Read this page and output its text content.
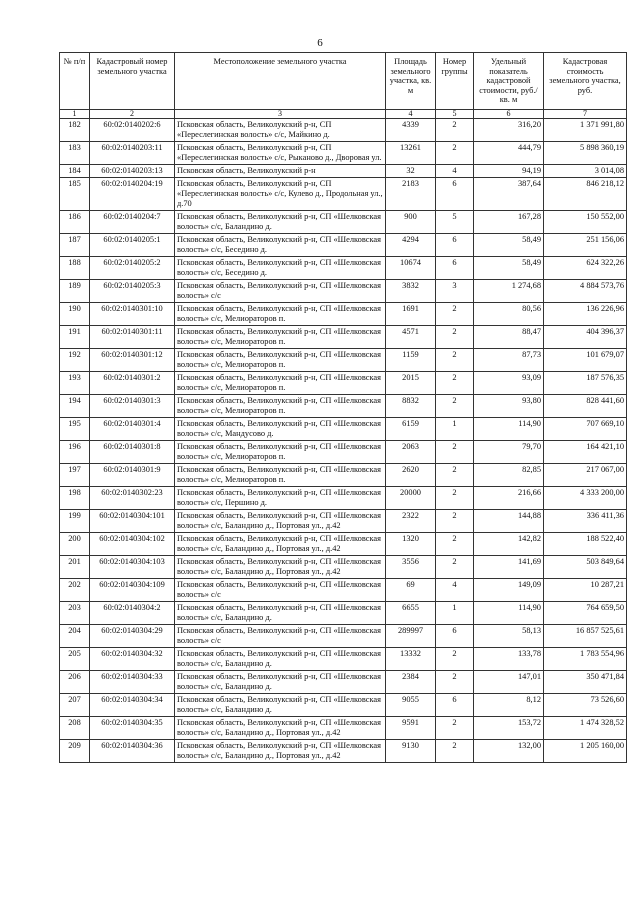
6
№ п/п	Кадастровый номер земельного участка	Местоположение земельного участка	Площадь земельного участка, кв. м	Номер группы	Удельный показатель кадастровой стоимости, руб./кв. м	Кадастровая стоимость земельного участка, руб.
1	2	3	4	5	6	7
182	60:02:0140202:6	Псковская область, Великолукский р-н, СП «Переслегинская волость» с/с, Майкино д.	4339	2	316,20	1 371 991,80
183	60:02:0140203:11	Псковская область, Великолукский р-н, СП «Переслегинская волость» с/с, Рыканово д., Дворовая ул.	13261	2	444,79	5 898 360,19
184	60:02:0140203:13	Псковская область, Великолукский р-н	32	4	94,19	3 014,08
185	60:02:0140204:19	Псковская область, Великолукский р-н, СП «Переслегинская волость» с/с, Кулево д., Продольная ул., д.70	2183	6	387,64	846 218,12
186	60:02:0140204:7	Псковская область, Великолукский р-н, СП «Шелковская волость» с/с, Баландино д.	900	5	167,28	150 552,00
187	60:02:0140205:1	Псковская область, Великолукский р-н, СП «Шелковская волость» с/с, Беседино д.	4294	6	58,49	251 156,06
188	60:02:0140205:2	Псковская область, Великолукский р-н, СП «Шелковская волость» с/с, Беседино д.	10674	6	58,49	624 322,26
189	60:02:0140205:3	Псковская область, Великолукский р-н, СП «Шелковская волость» с/с	3832	3	1 274,68	4 884 573,76
190	60:02:0140301:10	Псковская область, Великолукский р-н, СП «Шелковская волость» с/с, Мелиораторов п.	1691	2	80,56	136 226,96
191	60:02:0140301:11	Псковская область, Великолукский р-н, СП «Шелковская волость» с/с, Мелиораторов п.	4571	2	88,47	404 396,37
192	60:02:0140301:12	Псковская область, Великолукский р-н, СП «Шелковская волость» с/с, Мелиораторов п.	1159	2	87,73	101 679,07
193	60:02:0140301:2	Псковская область, Великолукский р-н, СП «Шелковская волость» с/с, Мелиораторов п.	2015	2	93,09	187 576,35
194	60:02:0140301:3	Псковская область, Великолукский р-н, СП «Шелковская волость» с/с, Мелиораторов п.	8832	2	93,80	828 441,60
195	60:02:0140301:4	Псковская область, Великолукский р-н, СП «Шелковская волость» с/с, Мандусово д.	6159	1	114,90	707 669,10
196	60:02:0140301:8	Псковская область, Великолукский р-н, СП «Шелковская волость» с/с, Мелиораторов п.	2063	2	79,70	164 421,10
197	60:02:0140301:9	Псковская область, Великолукский р-н, СП «Шелковская волость» с/с, Мелиораторов п.	2620	2	82,85	217 067,00
198	60:02:0140302:23	Псковская область, Великолукский р-н, СП «Шелковская волость» с/с, Першино д.	20000	2	216,66	4 333 200,00
199	60:02:0140304:101	Псковская область, Великолукский р-н, СП «Шелковская волость» с/с, Баландино д., Портовая ул., д.42	2322	2	144,88	336 411,36
200	60:02:0140304:102	Псковская область, Великолукский р-н, СП «Шелковская волость» с/с, Баландино д., Портовая ул., д.42	1320	2	142,82	188 522,40
201	60:02:0140304:103	Псковская область, Великолукский р-н, СП «Шелковская волость» с/с, Баландино д., Портовая ул., д.42	3556	2	141,69	503 849,64
202	60:02:0140304:109	Псковская область, Великолукский р-н, СП «Шелковская волость» с/с	69	4	149,09	10 287,21
203	60:02:0140304:2	Псковская область, Великолукский р-н, СП «Шелковская волость» с/с, Баландино д.	6655	1	114,90	764 659,50
204	60:02:0140304:29	Псковская область, Великолукский р-н, СП «Шелковская волость» с/с	289997	6	58,13	16 857 525,61
205	60:02:0140304:32	Псковская область, Великолукский р-н, СП «Шелковская волость» с/с, Баландино д.	13332	2	133,78	1 783 554,96
206	60:02:0140304:33	Псковская область, Великолукский р-н, СП «Шелковская волость» с/с, Баландино д.	2384	2	147,01	350 471,84
207	60:02:0140304:34	Псковская область, Великолукский р-н, СП «Шелковская волость» с/с, Баландино д.	9055	6	8,12	73 526,60
208	60:02:0140304:35	Псковская область, Великолукский р-н, СП «Шелковская волость» с/с, Баландино д., Портовая ул., д.42	9591	2	153,72	1 474 328,52
209	60:02:0140304:36	Псковская область, Великолукский р-н, СП «Шелковская волость» с/с, Баландино д., Портовая ул., д.42	9130	2	132,00	1 205 160,00
